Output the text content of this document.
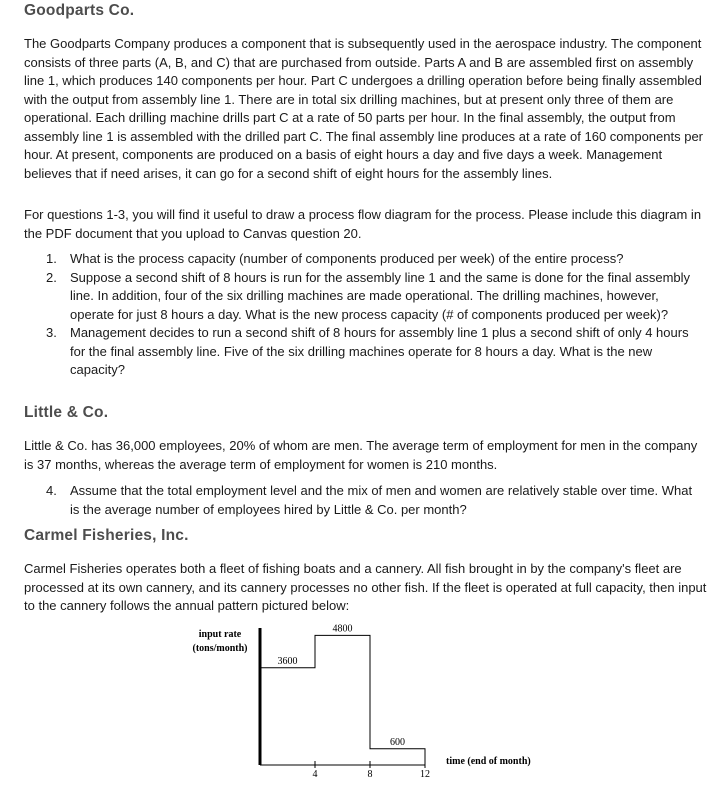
Goodparts Co.

The Goodparts Company produces a component that is subsequently used in the aerospace industry. The component consists of three parts (A, B, and C) that are purchased from outside. Parts A and B are assembled first on assembly line 1, which produces 140 components per hour. Part C undergoes a drilling operation before being finally assembled with the output from assembly line 1. There are in total six drilling machines, but at present only three of them are operational. Each drilling machine drills part C at a rate of 50 parts per hour. In the final assembly, the output from assembly line 1 is assembled with the drilled part C. The final assembly line produces at a rate of 160 components per hour. At present, components are produced on a basis of eight hours a day and five days a week. Management believes that if need arises, it can go for a second shift of eight hours for the assembly lines.

For questions 1-3, you will find it useful to draw a process flow diagram for the process. Please include this diagram in the PDF document that you upload to Canvas question 20.

1. What is the process capacity (number of components produced per week) of the entire process?
2. Suppose a second shift of 8 hours is run for the assembly line 1 and the same is done for the final assembly line. In addition, four of the six drilling machines are made operational. The drilling machines, however, operate for just 8 hours a day. What is the new process capacity (# of components produced per week)?
3. Management decides to run a second shift of 8 hours for assembly line 1 plus a second shift of only 4 hours for the final assembly line. Five of the six drilling machines operate for 8 hours a day. What is the new capacity?
Little & Co.

Little & Co. has 36,000 employees, 20% of whom are men. The average term of employment for men in the company is 37 months, whereas the average term of employment for women is 210 months.

4. Assume that the total employment level and the mix of men and women are relatively stable over time. What is the average number of employees hired by Little & Co. per month?
Carmel Fisheries, Inc.

Carmel Fisheries operates both a fleet of fishing boats and a cannery. All fish brought in by the company's fleet are processed at its own cannery, and its cannery processes no other fish. If the fleet is operated at full capacity, then input to the cannery follows the annual pattern pictured below:

input rate
(tons/month)
3600
4800
600
4	8	12
time (end of month)
